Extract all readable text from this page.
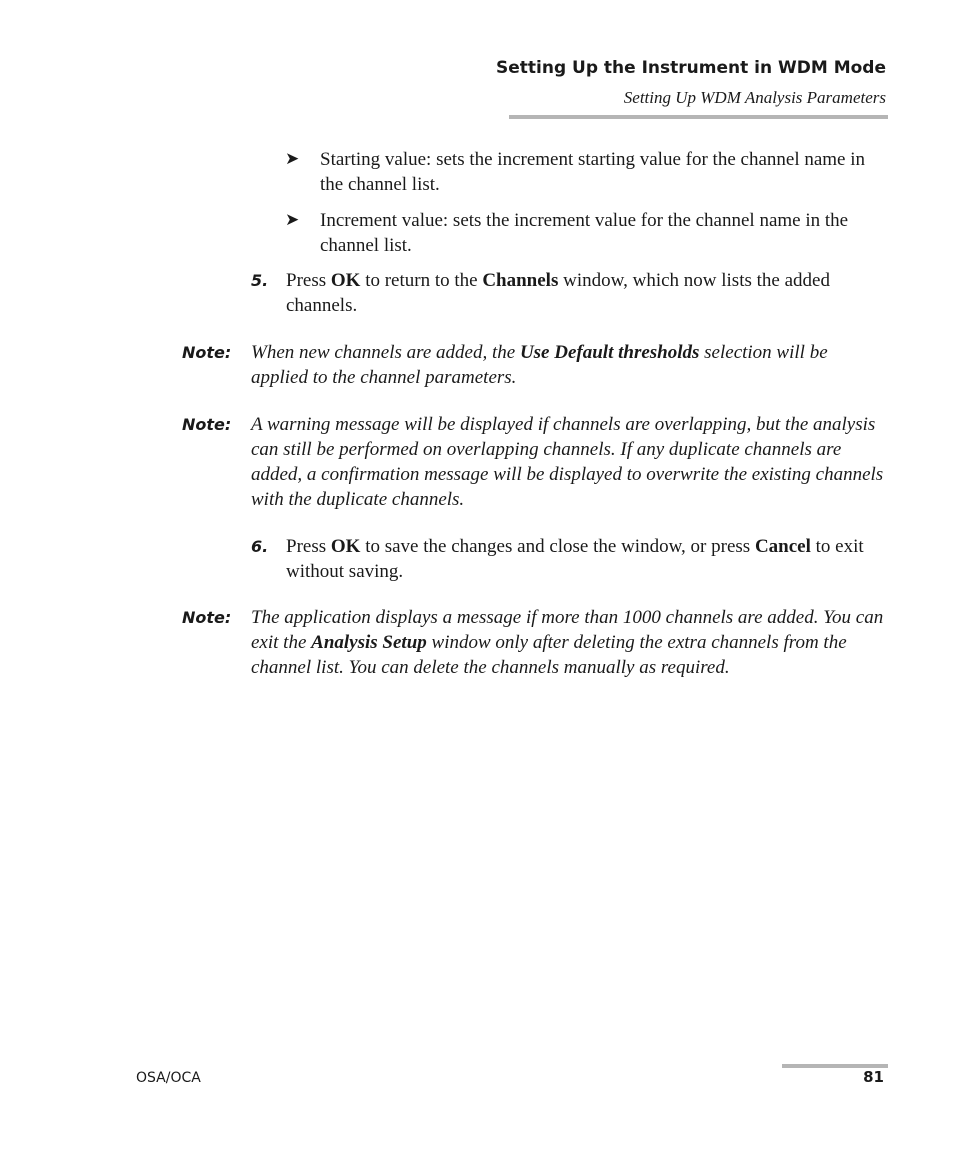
Setting Up the Instrument in WDM Mode
Setting Up WDM Analysis Parameters
➤ Starting value: sets the increment starting value for the channel name in the channel list.
➤ Increment value: sets the increment value for the channel name in the channel list.
5. Press OK to return to the Channels window, which now lists the added channels.
Note: When new channels are added, the Use Default thresholds selection will be applied to the channel parameters.
Note: A warning message will be displayed if channels are overlapping, but the analysis can still be performed on overlapping channels. If any duplicate channels are added, a confirmation message will be displayed to overwrite the existing channels with the duplicate channels.
6. Press OK to save the changes and close the window, or press Cancel to exit without saving.
Note: The application displays a message if more than 1000 channels are added. You can exit the Analysis Setup window only after deleting the extra channels from the channel list. You can delete the channels manually as required.
OSA/OCA	81
